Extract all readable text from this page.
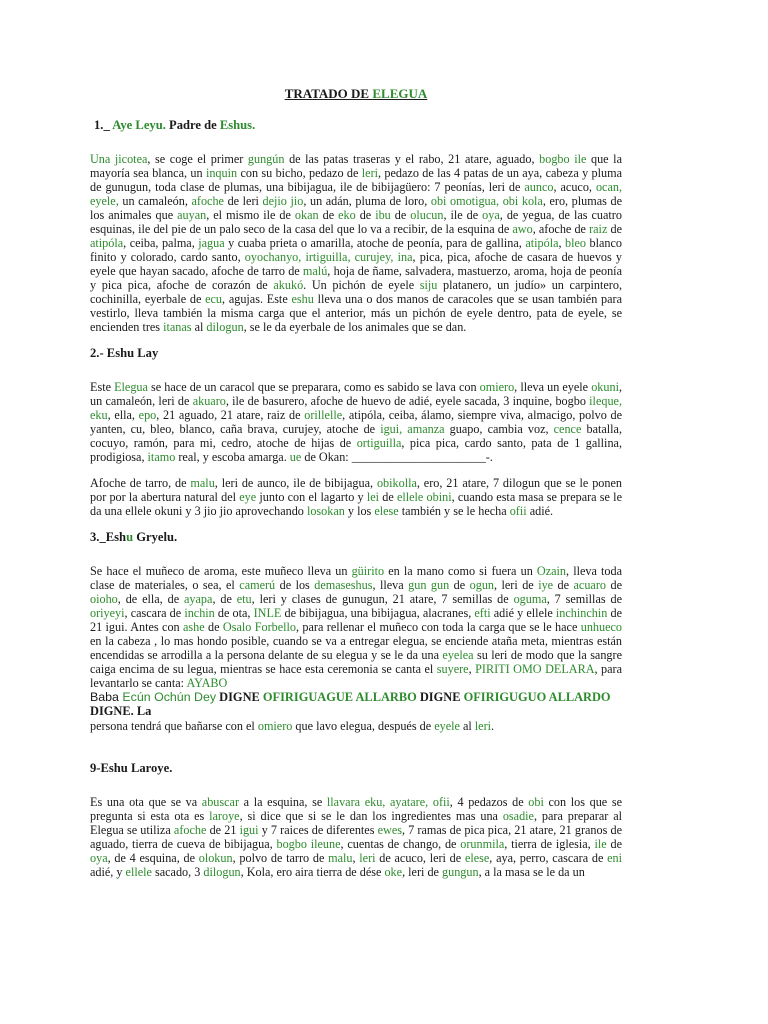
TRATADO DE ELEGUA
1._ Aye Leyu. Padre de Eshus.

Una jicotea, se coge el primer gungún de las patas traseras y el rabo, 21 atare, aguado, bogbo ile que la mayoría sea blanca, un inquin con su bicho, pedazo de leri, pedazo de las 4 patas de un aya, cabeza y pluma de gunugun, toda clase de plumas, una bibijagua, ile de bibijagüero: 7 peonías, leri de aunco, acuco, ocan, eyele, un camaleón, afoche de leri dejio jio, un adán, pluma de loro, obi omotigua, obi kola, ero, plumas de los animales que auyan, el mismo ile de okan de eko de ibu de olucun, ile de oya, de yegua, de las cuatro esquinas, ile del pie de un palo seco de la casa del que lo va a recibir, de la esquina de awo, afoche de raiz de atipóla, ceiba, palma, jagua y cuaba prieta o amarilla, atoche de peonía, para de gallina, atipóla, bleo blanco finito y colorado, cardo santo, oyochanyo, irtiguilla, curujey, ina, pica, pica, afoche de casara de huevos y eyele que hayan sacado, afoche de tarro de malú, hoja de ñame, salvadera, mastuerzo, aroma, hoja de peonía y pica pica, afoche de corazón de akukó. Un pichón de eyele siju platanero, un judío» un carpintero, cochinilla, eyerbale de ecu, agujas. Este eshu lleva una o dos manos de caracoles que se usan también para vestirlo, lleva también la misma carga que el anterior, más un pichón de eyele dentro, pata de eyele, se encienden tres itanas al dilogun, se le da eyerbale de los animales que se dan.

2.- Eshu Lay

Este Elegua se hace de un caracol que se preparara, como es sabido se lava con omiero, lleva un eyele okuni, un camaleón, leri de akuaro, ile de basurero, afoche de huevo de adié, eyele sacada, 3 inquine, bogbo ileque, eku, ella, epo, 21 aguado, 21 atare, raiz de orillelle, atipóla, ceiba, álamo, siempre viva, almacigo, polvo de yanten, cu, bleo, blanco, caña brava, curujey, atoche de igui, amanza guapo, cambia voz, cence batalla, cocuyo, ramón, para mi, cedro, atoche de hijas de ortiguilla, pica pica, cardo santo, pata de 1 gallina, prodigiosa, itamo real, y escoba amarga. ue de Okan: ______________________-.

Afoche de tarro, de malu, leri de aunco, ile de bibijagua, obikolla, ero, 21 atare, 7 dilogun que se le ponen por por la abertura natural del eye junto con el lagarto y lei de ellele obini, cuando esta masa se prepara se le da una ellele okuni y 3 jio jio aprovechando losokan y los elese también y se le hecha ofii adié.

3._Eshu Gryelu.

Se hace el muñeco de aroma, este muñeco lleva un güirito en la mano como si fuera un Ozain, lleva toda clase de materiales, o sea, el camerú de los demaseshus, lleva gun gun de ogun, leri de iye de acuaro de oioho, de ella, de ayapa, de etu, leri y clases de gunugun, 21 atare, 7 semillas de oguma, 7 semillas de oriyeyi, cascara de inchin de ota, INLE de bibijagua, una bibijagua, alacranes, efti adié y ellele inchinchin de 21 igui. Antes con ashe de Osalo Forbello, para rellenar el muñeco con toda la carga que se le hace unhueco en la cabeza , lo mas hondo posible, cuando se va a entregar elegua, se enciende ataña meta, mientras están encendidas se arrodilla a la persona delante de su elegua y se le da una eyelea su leri de modo que la sangre caiga encima de su legua, mientras se hace esta ceremonia se canta el suyere, PIRITI OMO DELARA, para levantarlo se canta: AYABO

Baba Ecún Ochún Dey DIGNE OFIRIGUAGUE ALLARBO DIGNE OFIRIGUGUO ALLARDO DIGNE. La

persona tendrá que bañarse con el omiero que lavo elegua, después de eyele al leri.

9-Eshu Laroye.

Es una ota que se va abuscar a la esquina, se llavara eku, ayatare, ofii, 4 pedazos de obi con los que se pregunta si esta ota es laroye, si dice que si se le dan los ingredientes mas una osadie, para preparar al Elegua se utiliza afoche de 21 igui y 7 raices de diferentes ewes, 7 ramas de pica pica, 21 atare, 21 granos de aguado, tierra de cueva de bibijagua, bogbo ileune, cuentas de chango, de orunmila, tierra de iglesia, ile de oya, de 4 esquina, de olokun, polvo de tarro de malu, leri de acuco, leri de elese, aya, perro, cascara de eni adié, y ellele sacado, 3 dilogun, Kola, ero aira tierra de dése oke, leri de gungun, a la masa se le da un
